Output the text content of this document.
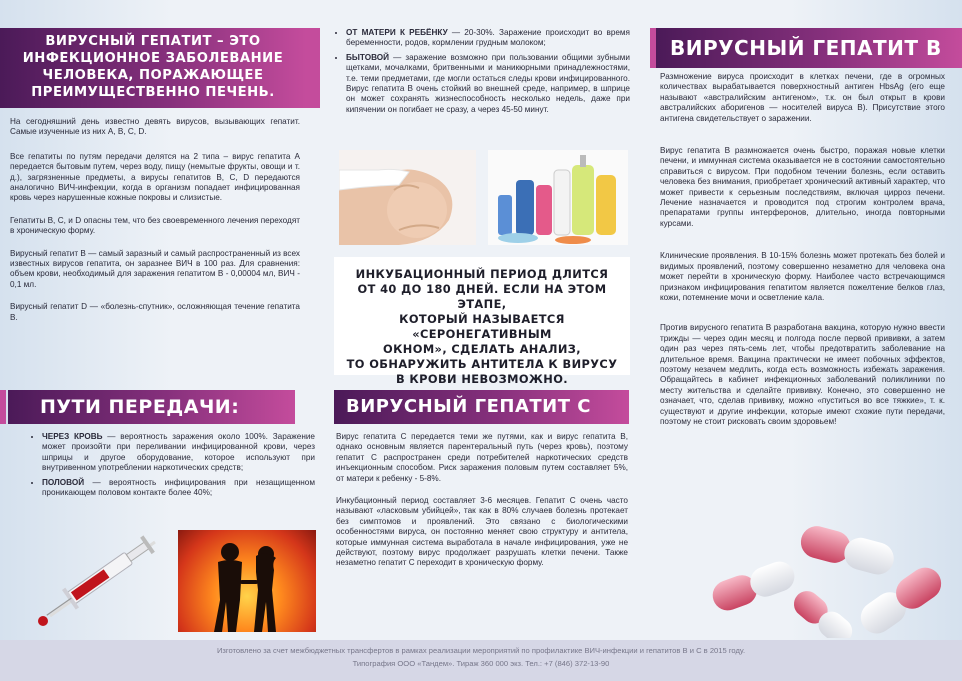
ВИРУСНЫЙ ГЕПАТИТ – ЭТО ИНФЕКЦИОННОЕ ЗАБОЛЕВАНИЕ ЧЕЛОВЕКА, ПОРАЖАЮЩЕЕ ПРЕИМУЩЕСТВЕННО ПЕЧЕНЬ.

На сегодняшний день известно девять вирусов, вызывающих гепатит. Самые изученные из них А, В, С, D.

Все гепатиты по путям передачи делятся на 2 типа – вирус гепатита А передается бытовым путем, через воду, пищу (немытые фрукты, овощи и т. д.), загрязненные предметы, а вирусы гепатитов В, С, D передаются аналогично ВИЧ-инфекции, когда в организм попадает инфицированная кровь через нарушенные кожные покровы и слизистые.

Гепатиты В, С, и D опасны тем, что без своевременного лечения переходят в хроническую форму.

Вирусный гепатит В — самый заразный и самый распространенный из всех известных вирусов гепатита, он заразнее ВИЧ в 100 раз. Для сравнения: объем крови, необходимый для заражения гепатитом В - 0,00004 мл, ВИЧ - 0,1 мл.

Вирусный гепатит D — «болезнь-спутник», осложняющая течение гепатита В.

ПУТИ ПЕРЕДАЧИ:
• ЧЕРЕЗ КРОВЬ — вероятность заражения около 100%. Заражение может произойти при переливании инфицированной крови, через шприцы и другое оборудование, которое используют при внутривенном употреблении наркотических средств;
• ПОЛОВОЙ — вероятность инфицирования при незащищенном проникающем половом контакте более 40%;
• ОТ МАТЕРИ К РЕБЁНКУ — 20-30%. Заражение происходит во время беременности, родов, кормлении грудным молоком;
• БЫТОВОЙ — заражение возможно при пользовании общими зубными щетками, мочалками, бритвенными и маникюрными принадлежностями, т.е. теми предметами, где могли остаться следы крови инфицированного. Вирус гепатита В очень стойкий во внешней среде, например, в шприце он может сохранять жизнеспособность несколько недель, даже при кипячении он погибает не сразу, а через 45-50 минут.
ИНКУБАЦИОННЫЙ ПЕРИОД ДЛИТСЯ
ОТ 40 ДО 180 ДНЕЙ. ЕСЛИ НА ЭТОМ ЭТАПЕ,
КОТОРЫЙ НАЗЫВАЕТСЯ «СЕРОНЕГАТИВНЫМ
ОКНОМ», СДЕЛАТЬ АНАЛИЗ,
ТО ОБНАРУЖИТЬ АНТИТЕЛА К ВИРУСУ
В КРОВИ НЕВОЗМОЖНО.
ВИРУСНЫЙ ГЕПАТИТ С

Вирус гепатита С передается теми же путями, как и вирус гепатита В, однако основным является парентеральный путь (через кровь), поэтому гепатит С распространен среди потребителей наркотических средств инъекционным способом. Риск заражения половым путем составляет 5%, от матери к ребенку - 5-8%.

Инкубационный период составляет 3-6 месяцев. Гепатит С очень часто называют «ласковым убийцей», так как в 80% случаев болезнь протекает без симптомов и проявлений. Это связано с биологическими особенностями вируса, он постоянно меняет свою структуру и антитела, которые иммунная система выработала в начале инфицирования, уже не действуют, поэтому вирус продолжает разрушать клетки печени. Также незаметно гепатит С переходит в хроническую форму.

ВИРУСНЫЙ ГЕПАТИТ В

Размножение вируса происходит в клетках печени, где в огромных количествах вырабатывается поверхностный антиген HbsAg (его еще называют «австралийским антигеном», т.к. он был открыт в крови австралийских аборигенов — носителей вируса В). Присутствие этого антигена свидетельствует о заражении.

Вирус гепатита В размножается очень быстро, поражая новые клетки печени, и иммунная система оказывается не в состоянии самостоятельно справиться с вирусом. При подобном течении болезнь, если оставить человека без внимания, приобретает хронический активный характер, что может привести к серьезным последствиям, включая цирроз печени. Лечение назначается и проводится под строгим контролем врача, препаратами группы интерферонов, длительно, иногда повторными курсами.

Клинические проявления. В 10-15% болезнь может протекать без болей и видимых проявлений, поэтому совершенно незаметно для человека она может перейти в хроническую форму. Наиболее часто встречающимся признаком инфицирования гепатитом является пожелтение белков глаз, кожи, потемнение мочи и осветление кала.

Против вирусного гепатита В разработана вакцина, которую нужно ввести трижды — через один месяц и полгода после первой прививки, а затем один раз через пять-семь лет, чтобы предотвратить заболевание на длительное время. Вакцина практически не имеет побочных эффектов, поэтому незачем медлить, когда есть возможность избежать заражения. Обращайтесь в кабинет инфекционных заболеваний поликлиники по месту жительства и сделайте прививку. Конечно, это совершенно не означает, что, сделав прививку, можно «пуститься во все тяжкие», т. к. существуют и другие инфекции, которые имеют схожие пути передачи, поэтому не стоит рисковать своим здоровьем!

Изготовлено за счет межбюджетных трансфертов в рамках реализации мероприятий по профилактике ВИЧ-инфекции и гепатитов В и С в 2015 году.
Типография ООО «Тандем». Тираж 360 000 экз. Тел.: +7 (846) 372-13-90
